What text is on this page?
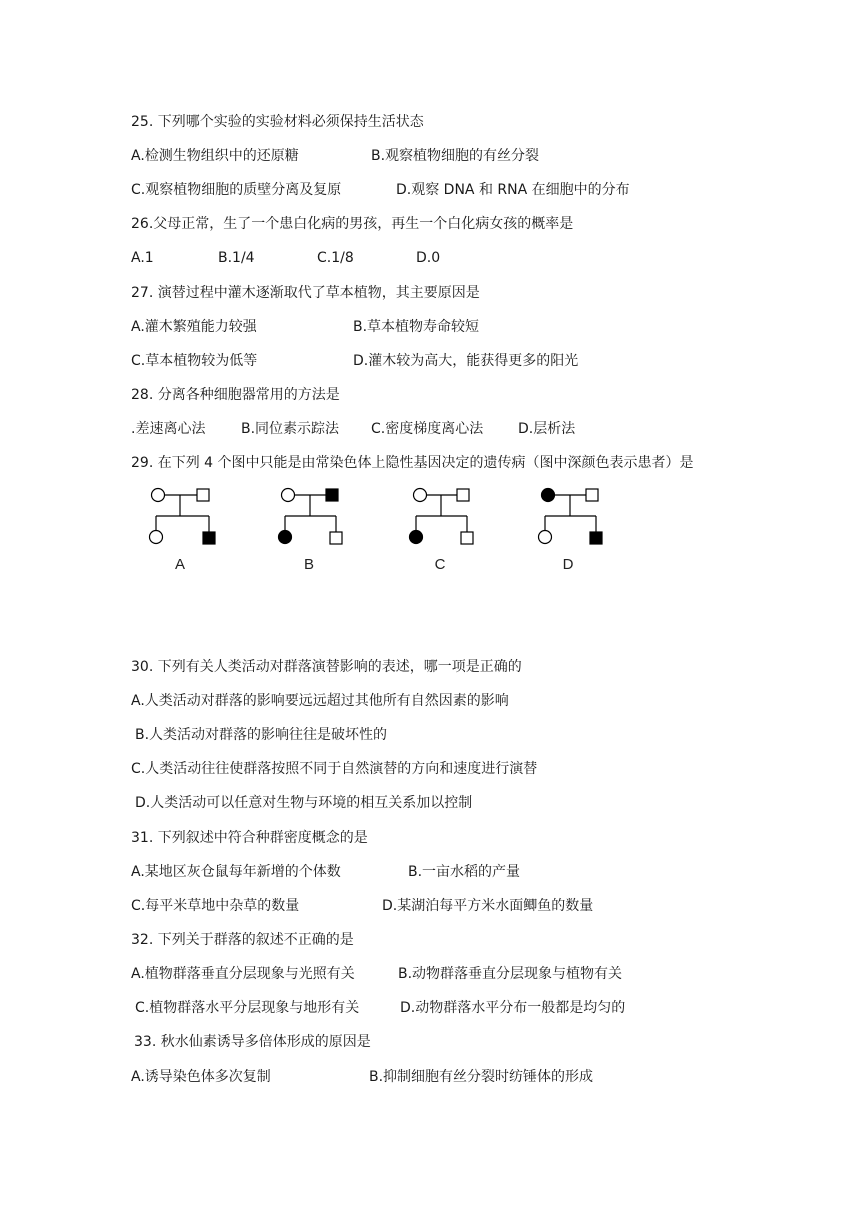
25. 下列哪个实验的实验材料必须保持生活状态
A.检测生物组织中的还原糖	B.观察植物细胞的有丝分裂
C.观察植物细胞的质壁分离及复原	D.观察 DNA 和 RNA 在细胞中的分布
26.父母正常，生了一个患白化病的男孩，再生一个白化病女孩的概率是
A.1	B.1/4	C.1/8	D.0
27. 演替过程中灌木逐渐取代了草本植物，其主要原因是
A.灌木繁殖能力较强	B.草本植物寿命较短
C.草本植物较为低等	D.灌木较为高大，能获得更多的阳光
28. 分离各种细胞器常用的方法是
.差速离心法	B.同位素示踪法 C.密度梯度离心法 D.层析法
29. 在下列 4 个图中只能是由常染色体上隐性基因决定的遗传病（图中深颜色表示患者）是
A	B	C	D
30. 下列有关人类活动对群落演替影响的表述，哪一项是正确的
A.人类活动对群落的影响要远远超过其他所有自然因素的影响
B.人类活动对群落的影响往往是破坏性的
C.人类活动往往使群落按照不同于自然演替的方向和速度进行演替
D.人类活动可以任意对生物与环境的相互关系加以控制
31. 下列叙述中符合种群密度概念的是
A.某地区灰仓鼠每年新增的个体数	B.一亩水稻的产量
C.每平米草地中杂草的数量	D.某湖泊每平方米水面鲫鱼的数量
32. 下列关于群落的叙述不正确的是
A.植物群落垂直分层现象与光照有关	B.动物群落垂直分层现象与植物有关
C.植物群落水平分层现象与地形有关	D.动物群落水平分布一般都是均匀的
33. 秋水仙素诱导多倍体形成的原因是
A.诱导染色体多次复制	B.抑制细胞有丝分裂时纺锤体的形成
